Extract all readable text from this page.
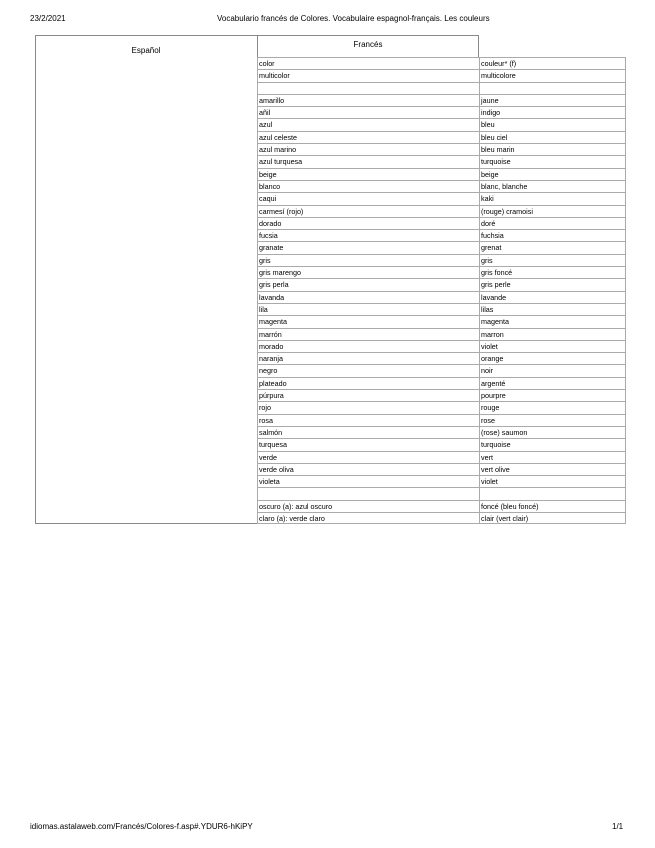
23/2/2021	Vocabulario francés de Colores. Vocabulaire espagnol-français. Les couleurs
Español
Francés
color	couleur* (f)
multicolor	multicolore
amarillo	jaune
añil	indigo
azul	bleu
azul celeste	bleu ciel
azul marino	bleu marin
azul turquesa	turquoise
beige	beige
blanco	blanc, blanche
caqui	kaki
carmesí (rojo)	(rouge) cramoisi
dorado	doré
fucsia	fuchsia
granate	grenat
gris	gris
gris marengo	gris foncé
gris perla	gris perle
lavanda	lavande
lila	lilas
magenta	magenta
marrón	marron
morado	violet
naranja	orange
negro	noir
plateado	argenté
púrpura	pourpre
rojo	rouge
rosa	rose
salmón	(rose) saumon
turquesa	turquoise
verde	vert
verde oliva	vert olive
violeta	violet
oscuro (a): azul oscuro	foncé (bleu foncé)
claro (a): verde claro	clair (vert clair)
idiomas.astalaweb.com/Francés/Colores-f.asp#.YDUR6-hKiPY	1/1
